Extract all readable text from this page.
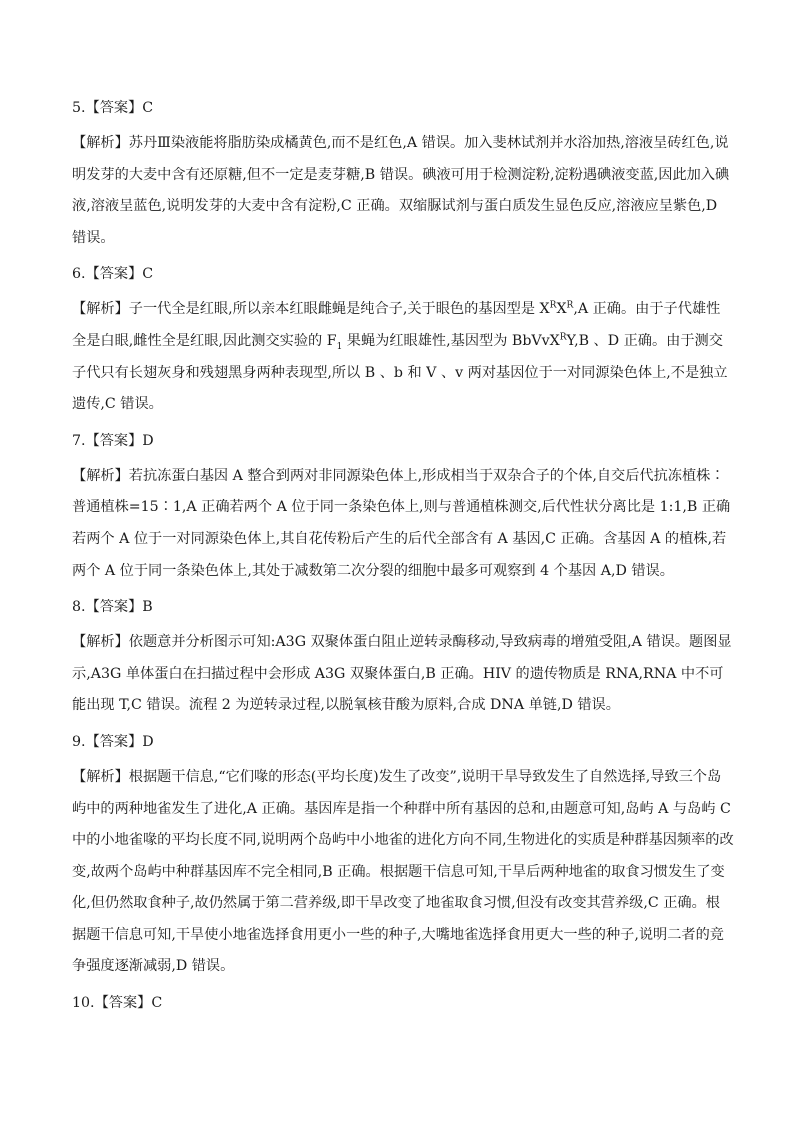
5.【答案】C

【解析】苏丹Ⅲ染液能将脂肪染成橘黄色,而不是红色,A 错误。加入斐林试剂并水浴加热,溶液呈砖红色,说明发芽的大麦中含有还原糖,但不一定是麦芽糖,B 错误。碘液可用于检测淀粉,淀粉遇碘液变蓝,因此加入碘液,溶液呈蓝色,说明发芽的大麦中含有淀粉,C 正确。双缩脲试剂与蛋白质发生显色反应,溶液应呈紫色,D 错误。

6.【答案】C

【解析】子一代全是红眼,所以亲本红眼雌蝇是纯合子,关于眼色的基因型是 $X^RX^R,A$ 正确。由于子代雄性全是白眼,雌性全是红眼,因此测交实验的 $F_1$ 果蝇为红眼雄性,基因型为 BbVvX$^R$Y,B 、D 正确。由于测交子代只有长翅灰身和残翅黑身两种表现型,所以 B 、b 和 V 、v 两对基因位于一对同源染色体上,不是独立遗传,C 错误。

7.【答案】D

【解析】若抗冻蛋白基因 A 整合到两对非同源染色体上,形成相当于双杂合子的个体,自交后代抗冻植株∶普通植株=15∶1,A 正确若两个 A 位于同一条染色体上,则与普通植株测交,后代性状分离比是 1:1,B 正确若两个 A 位于一对同源染色体上,其自花传粉后产生的后代全部含有 A 基因,C 正确。含基因 A 的植株,若两个 A 位于同一条染色体上,其处于减数第二次分裂的细胞中最多可观察到 4 个基因 A,D 错误。

8.【答案】B

【解析】依题意并分析图示可知:A3G 双聚体蛋白阻止逆转录酶移动,导致病毒的增殖受阻,A 错误。题图显示,A3G 单体蛋白在扫描过程中会形成 A3G 双聚体蛋白,B 正确。HIV 的遗传物质是 RNA,RNA 中不可能出现 T,C 错误。流程 2 为逆转录过程,以脱氧核苷酸为原料,合成 DNA 单链,D 错误。

9.【答案】D

【解析】根据题干信息,“它们喙的形态(平均长度)发生了改变”,说明干旱导致发生了自然选择,导致三个岛屿中的两种地雀发生了进化,A 正确。基因库是指一个种群中所有基因的总和,由题意可知,岛屿 A 与岛屿 C 中的小地雀喙的平均长度不同,说明两个岛屿中小地雀的进化方向不同,生物进化的实质是种群基因频率的改变,故两个岛屿中种群基因库不完全相同,B 正确。根据题干信息可知,干旱后两种地雀的取食习惯发生了变化,但仍然取食种子,故仍然属于第二营养级,即干旱改变了地雀取食习惯,但没有改变其营养级,C 正确。根据题干信息可知,干旱使小地雀选择食用更小一些的种子,大嘴地雀选择食用更大一些的种子,说明二者的竞争强度逐渐减弱,D 错误。

10.【答案】C
